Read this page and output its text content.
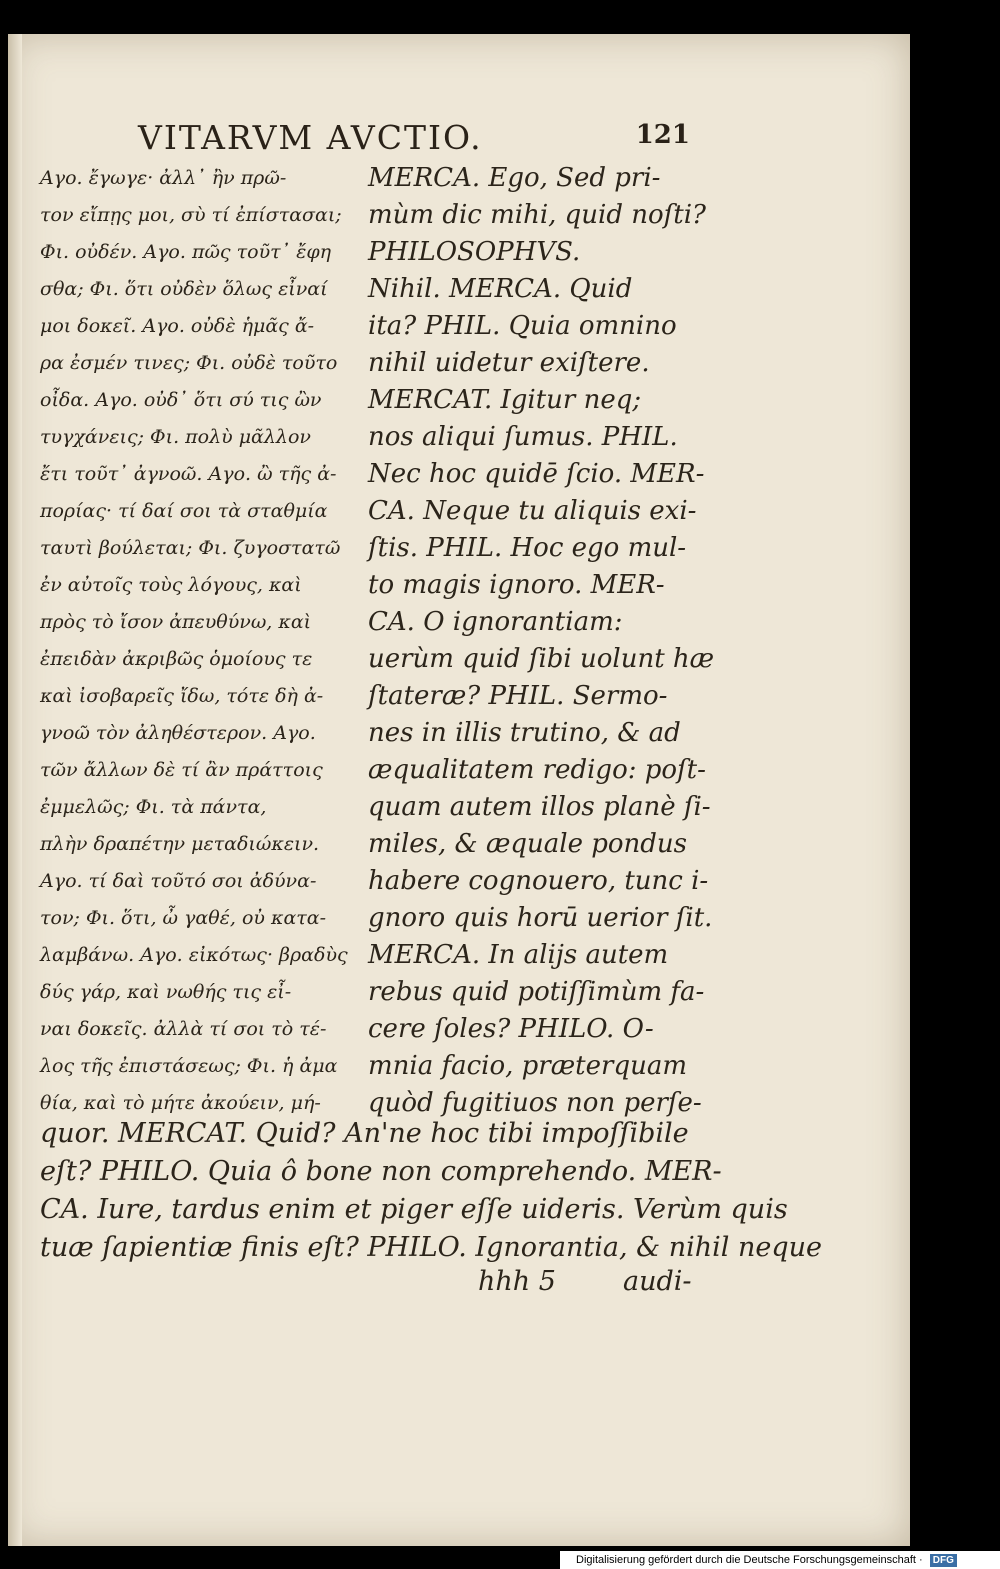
VITARVM AVCTIO.	121
Αγο. ἔγωγε· ἀλλ᾽ ἢν πρῶ-
τον εἴπῃς μοι, σὺ τί ἐπίστασαι;
Φι. οὐδέν. Αγο. πῶς τοῦτ᾽ ἔφη
σθα; Φι. ὅτι οὐδὲν ὅλως εἶναί
μοι δοκεῖ. Αγο. οὐδὲ ἡμᾶς ἄ-
ρα ἐσμέν τινες; Φι. οὐδὲ τοῦτο
οἶδα. Αγο. οὐδ᾽ ὅτι σύ τις ὢν
τυγχάνεις; Φι. πολὺ μᾶλλον
ἔτι τοῦτ᾽ ἀγνοῶ. Αγο. ὢ τῆς ἀ-
πορίας· τί δαί σοι τὰ σταθμία
ταυτὶ βούλεται; Φι. ζυγοστατῶ
ἐν αὐτοῖς τοὺς λόγους, καὶ
πρὸς τὸ ἴσον ἀπευθύνω, καὶ
ἐπειδὰν ἀκριβῶς ὁμοίους τε
καὶ ἰσοβαρεῖς ἴδω, τότε δὴ ἀ-
γνοῶ τὸν ἀληθέστερον. Αγο.
τῶν ἄλλων δὲ τί ἂν πράττοις
ἐμμελῶς; Φι. τὰ πάντα,
πλὴν δραπέτην μεταδιώκειν.
Αγο. τί δαὶ τοῦτό σοι ἀδύνα-
τον; Φι. ὅτι, ὦ γαθέ, οὐ κατα-
λαμβάνω. Αγο. εἰκότως· βραδὺς
δύς γάρ, καὶ νωθής τις εἶ-
ναι δοκεῖς. ἀλλὰ τί σοι τὸ τέ-
λος τῆς ἐπιστάσεως; Φι. ἡ ἀμα
θία, καὶ τὸ μήτε ἀκούειν, μή-
MERCA. Ego, Sed pri-
mùm dic mihi, quid noſti?
PHILOSOPHVS.
Nihil. MERCA. Quid
ita? PHIL. Quia omnino
nihil uidetur exiſtere.
MERCAT. Igitur neq;
nos aliqui ſumus. PHIL.
Nec hoc quidē ſcio. MER-
CA. Neque tu aliquis exi-
ſtis. PHIL. Hoc ego mul-
to magis ignoro. MER-
CA. O ignorantiam:
uerùm quid ſibi uolunt hæ
ſtateræ? PHIL. Sermo-
nes in illis trutino, & ad
æqualitatem redigo: poſt-
quam autem illos planè ſi-
miles, & æquale pondus
habere cognouero, tunc i-
gnoro quis horū uerior ſit.
MERCA. In alijs autem
rebus quid potiſſimùm fa-
cere ſoles? PHILO. O-
mnia facio, præterquam
quòd fugitiuos non perſe-
quor. MERCAT. Quid? An'ne hoc tibi impoſſibile
eſt? PHILO. Quia ô bone non comprehendo. MER-
CA. Iure, tardus enim et piger eſſe uideris. Verùm quis
tuæ ſapientiæ finis eſt? PHILO. Ignorantia, & nihil neque
hhh 5 audi-
Digitalisierung gefördert durch die Deutsche Forschungsgemeinschaft · DFG
